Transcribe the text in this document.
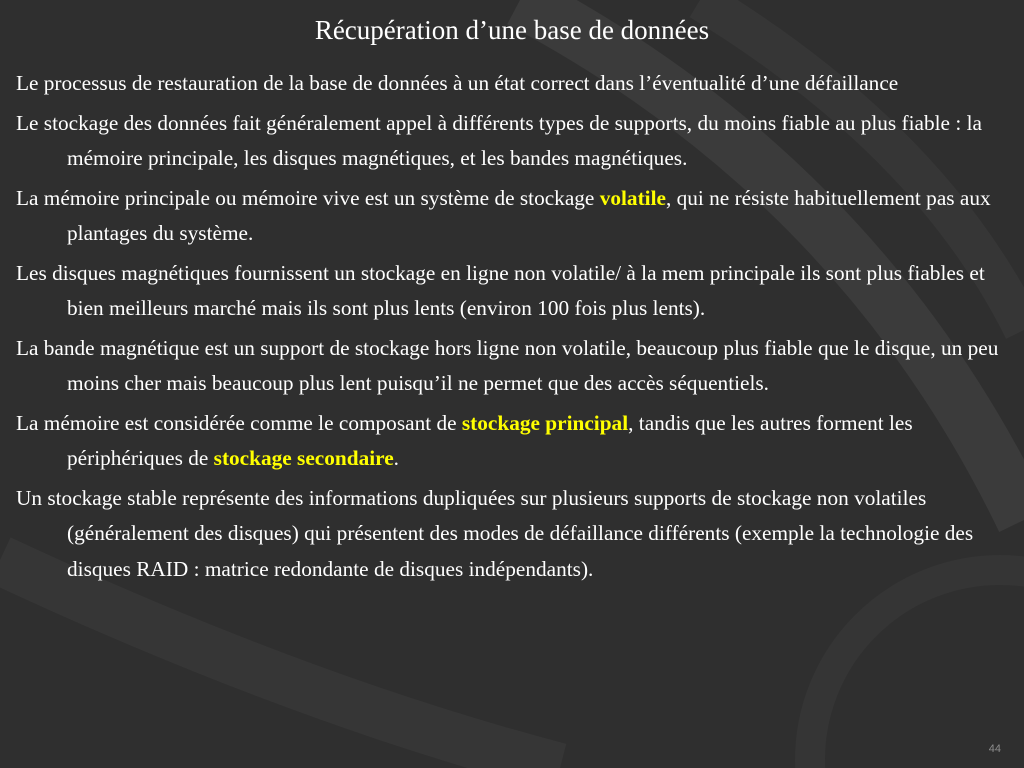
Récupération d’une base de données

Le processus de restauration de la base de données à un état correct dans l’éventualité d’une défaillance

Le stockage des données fait généralement appel à différents types de supports, du moins fiable au plus fiable : la mémoire principale, les disques magnétiques, et les bandes magnétiques.

La mémoire principale ou mémoire vive est un système de stockage volatile, qui ne résiste habituellement pas aux plantages du système.

Les disques magnétiques fournissent un stockage en ligne non volatile/ à la mem principale ils sont plus fiables et bien meilleurs marché mais ils sont plus lents (environ 100 fois plus lents).

La bande magnétique est un support de stockage hors ligne non volatile, beaucoup plus fiable que le disque, un peu moins cher mais beaucoup plus lent puisqu’il ne permet que des accès séquentiels.

La mémoire est considérée comme le composant de stockage principal, tandis que les autres forment les périphériques de stockage secondaire.

Un stockage stable représente des informations dupliquées sur plusieurs supports de stockage non volatiles (généralement des disques) qui présentent des modes de défaillance différents (exemple la technologie des disques RAID : matrice redondante de disques indépendants).

44
